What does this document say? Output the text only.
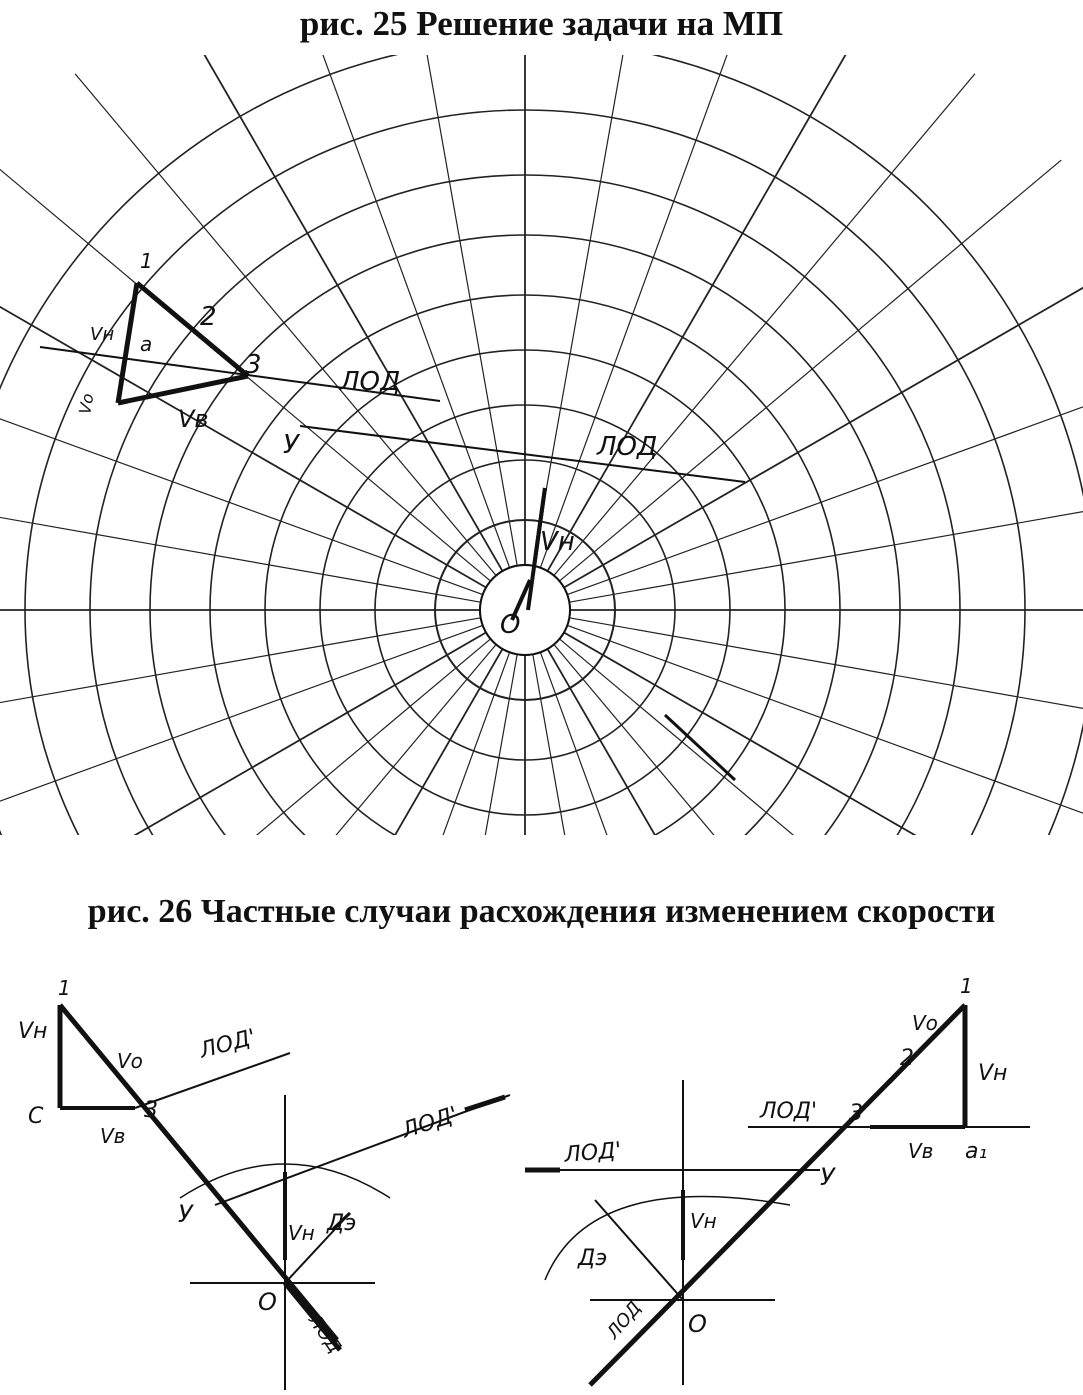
рис. 25 Решение задачи на МП
1
2
3
а
Vн
Vв
У
ЛОД
ЛОД
Vн
О
Vо
рис. 26 Частные случаи расхождения изменением скорости
1
Vн
Vо
С
Vв
3
ЛОД'
ЛОД'
У
Vн Дэ
О
ЛОД
1
Vо
2
Vн
ЛОД' 3
Vв а₁
ЛОД'
У
Vн
Дэ
О
ЛОД
